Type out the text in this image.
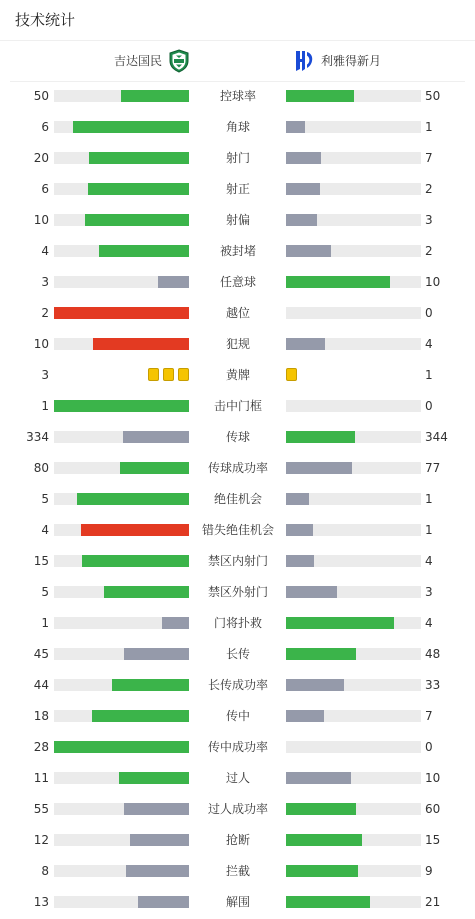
技术统计
吉达国民	利雅得新月
50	控球率	50
6	角球	1
20	射门	7
6	射正	2
10	射偏	3
4	被封堵	2
3	任意球	10
2	越位	0
10	犯规	4
3	黄牌	1
1	击中门框	0
334	传球	344
80	传球成功率	77
5	绝佳机会	1
4	错失绝佳机会	1
15	禁区内射门	4
5	禁区外射门	3
1	门将扑救	4
45	长传	48
44	长传成功率	33
18	传中	7
28	传中成功率	0
11	过人	10
55	过人成功率	60
12	抢断	15
8	拦截	9
13	解围	21
